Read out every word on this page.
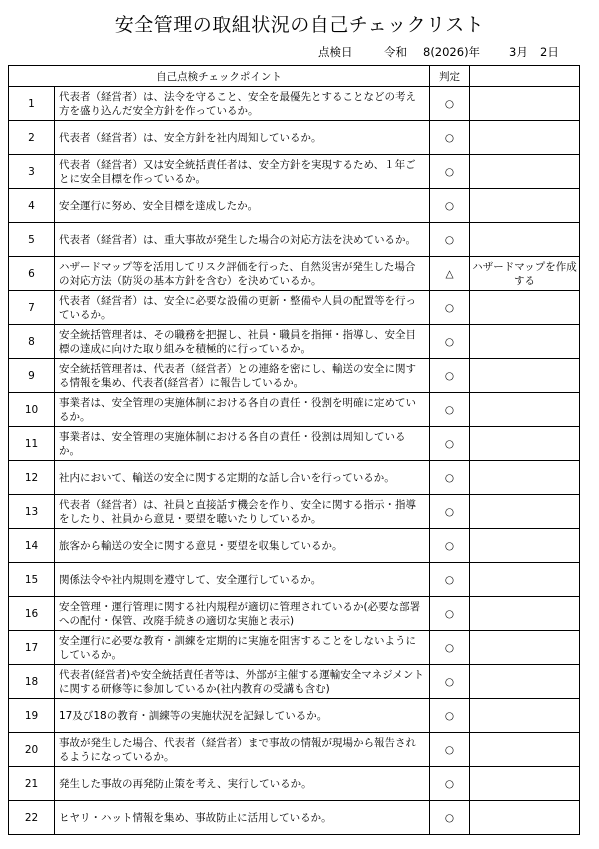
安全管理の取組状況の自己チェックリスト
点検日	令和 8(2026)年	3月 2日
自己点検チェックポイント		判定	
1	代表者（経営者）は、法令を守ること、安全を最優先とすることなどの考え方を盛り込んだ安全方針を作っているか。	○	
2	代表者（経営者）は、安全方針を社内周知しているか。	○	
3	代表者（経営者）又は安全統括責任者は、安全方針を実現するため、１年ごとに安全目標を作っているか。	○	
4	安全運行に努め、安全目標を達成したか。	○	
5	代表者（経営者）は、重大事故が発生した場合の対応方法を決めているか。	○	
6	ハザードマップ等を活用してリスク評価を行った、自然災害が発生した場合の対応方法（防災の基本方針を含む）を決めているか。	△	ハザードマップを作成する
7	代表者（経営者）は、安全に必要な設備の更新・整備や人員の配置等を行っているか。	○	
8	安全統括管理者は、その職務を把握し、社員・職員を指揮・指導し、安全目標の達成に向けた取り組みを積極的に行っているか。	○	
9	安全統括管理者は、代表者（経営者）との連絡を密にし、輸送の安全に関する情報を集め、代表者(経営者）に報告しているか。	○	
10	事業者は、安全管理の実施体制における各自の責任・役割を明確に定めているか。	○	
11	事業者は、安全管理の実施体制における各自の責任・役割は周知しているか。	○	
12	社内において、輸送の安全に関する定期的な話し合いを行っているか。	○	
13	代表者（経営者）は、社員と直接話す機会を作り、安全に関する指示・指導をしたり、社員から意見・要望を聴いたりしているか。	○	
14	旅客から輸送の安全に関する意見・要望を収集しているか。	○	
15	関係法令や社内規則を遵守して、安全運行しているか。	○	
16	安全管理・運行管理に関する社内規程が適切に管理されているか(必要な部署への配付・保管、改廃手続きの適切な実施と表示)	○	
17	安全運行に必要な教育・訓練を定期的に実施を阻害することをしないようにしているか。	○	
18	代表者(経営者)や安全統括責任者等は、外部が主催する運輸安全マネジメントに関する研修等に参加しているか(社内教育の受講も含む)	○	
19	17及び18の教育・訓練等の実施状況を記録しているか。	○	
20	事故が発生した場合、代表者（経営者）まで事故の情報が現場から報告されるようになっているか。	○	
21	発生した事故の再発防止策を考え、実行しているか。	○	
22	ヒヤリ・ハット情報を集め、事故防止に活用しているか。	○	
